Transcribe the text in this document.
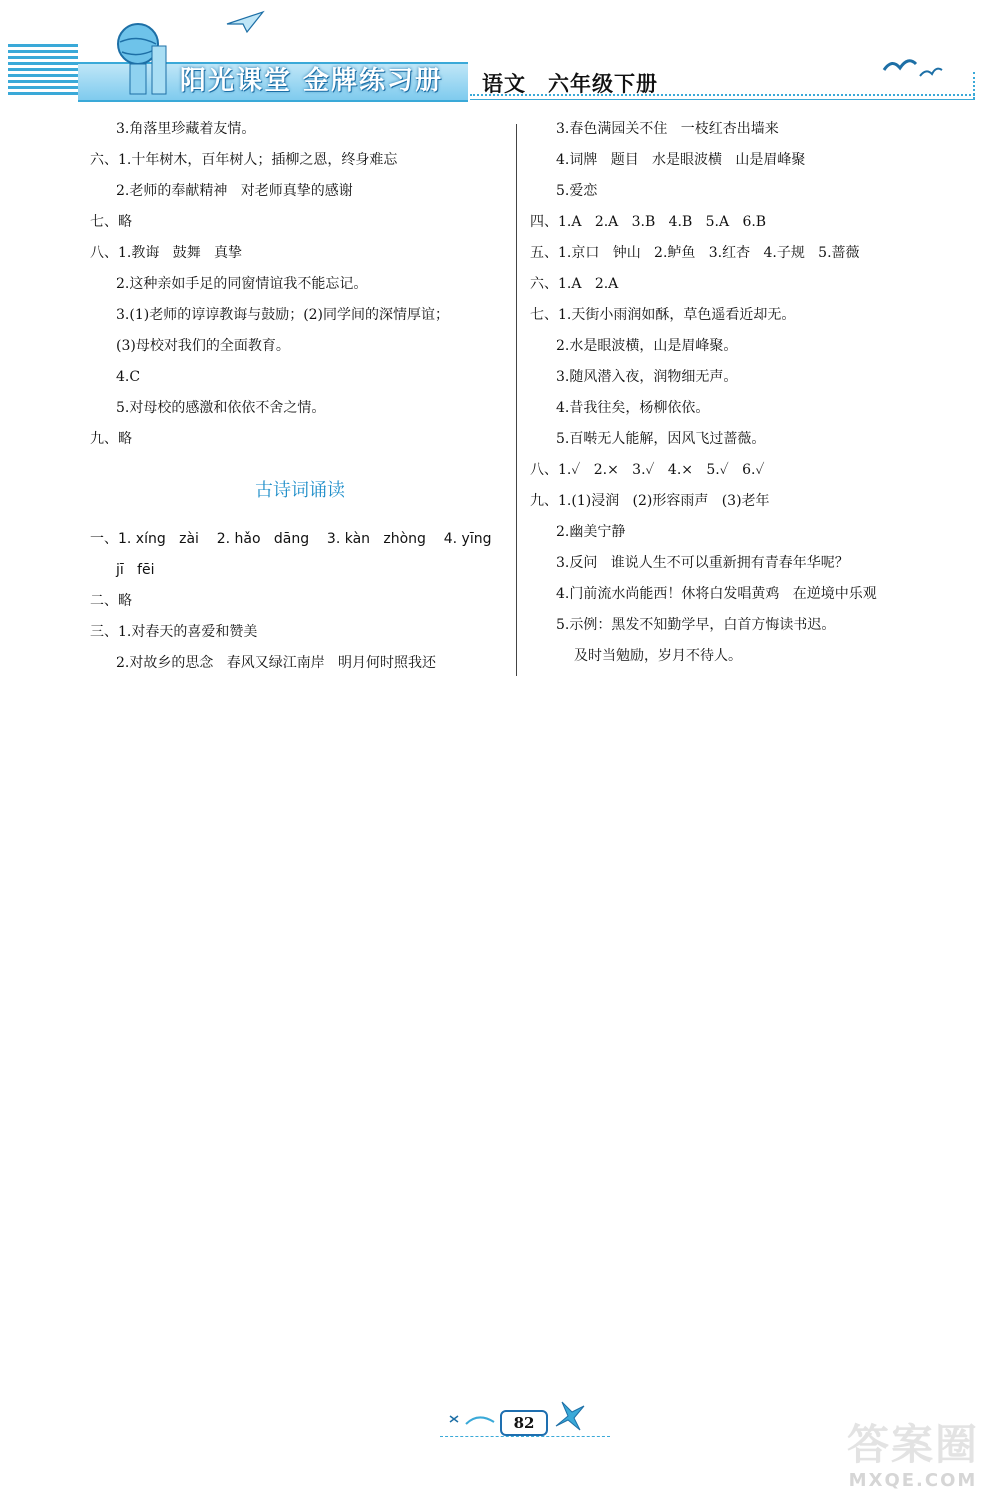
阳光课堂 金牌练习册 语文 六年级下册
3.角落里珍藏着友情。
六、1.十年树木，百年树人；插柳之恩，终身难忘
2.老师的奉献精神   对老师真挚的感谢
七、略
八、1.教诲   鼓舞   真挚
2.这种亲如手足的同窗情谊我不能忘记。
3.(1)老师的谆谆教诲与鼓励；(2)同学间的深情厚谊；
(3)母校对我们的全面教育。
4.C
5.对母校的感激和依依不舍之情。
九、略
古诗词诵读
一、1. xíng   zài    2. hǎo   dāng    3. kàn   zhòng    4. yīng
jī   fēi
二、略
三、1.对春天的喜爱和赞美
2.对故乡的思念   春风又绿江南岸   明月何时照我还
3.春色满园关不住   一枝红杏出墙来
4.词牌   题目   水是眼波横   山是眉峰聚
5.爱恋
四、1.A   2.A   3.B   4.B   5.A   6.B
五、1.京口   钟山   2.鲈鱼   3.红杏   4.子规   5.蔷薇
六、1.A   2.A
七、1.天街小雨润如酥，草色遥看近却无。
2.水是眼波横，山是眉峰聚。
3.随风潜入夜，润物细无声。
4.昔我往矣，杨柳依依。
5.百啭无人能解，因风飞过蔷薇。
八、1.✓   2.×   3.✓   4.×   5.✓   6.✓
九、1.(1)浸润   (2)形容雨声   (3)老年
2.幽美宁静
3.反问   谁说人生不可以重新拥有青春年华呢？
4.门前流水尚能西！休将白发唱黄鸡   在逆境中乐观
5.示例：黑发不知勤学早，白首方悔读书迟。
及时当勉励，岁月不待人。
82	答案圈
MXQE.COM
